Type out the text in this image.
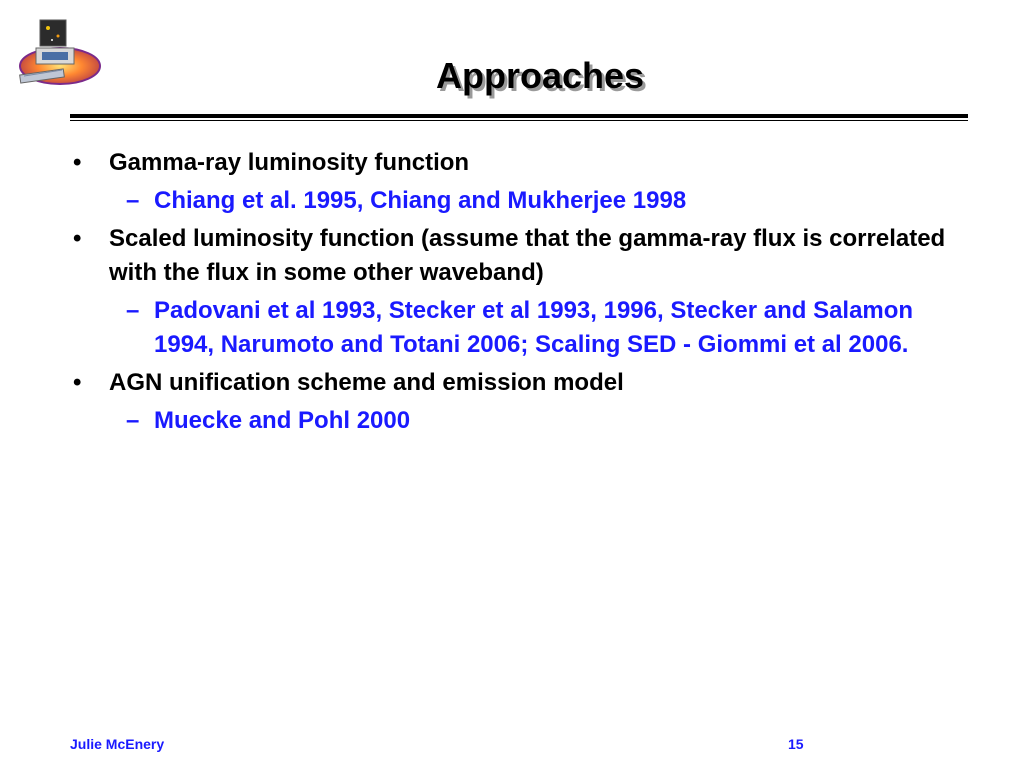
Approaches
• Gamma-ray luminosity function
– Chiang et al. 1995, Chiang and Mukherjee 1998
• Scaled luminosity function (assume that the gamma-ray flux is correlated with the flux in some other waveband)
– Padovani et al 1993, Stecker et al 1993, 1996, Stecker and Salamon 1994, Narumoto and Totani 2006; Scaling SED - Giommi et al 2006.
• AGN unification scheme and emission model
– Muecke and Pohl 2000
Julie McEnery	15
